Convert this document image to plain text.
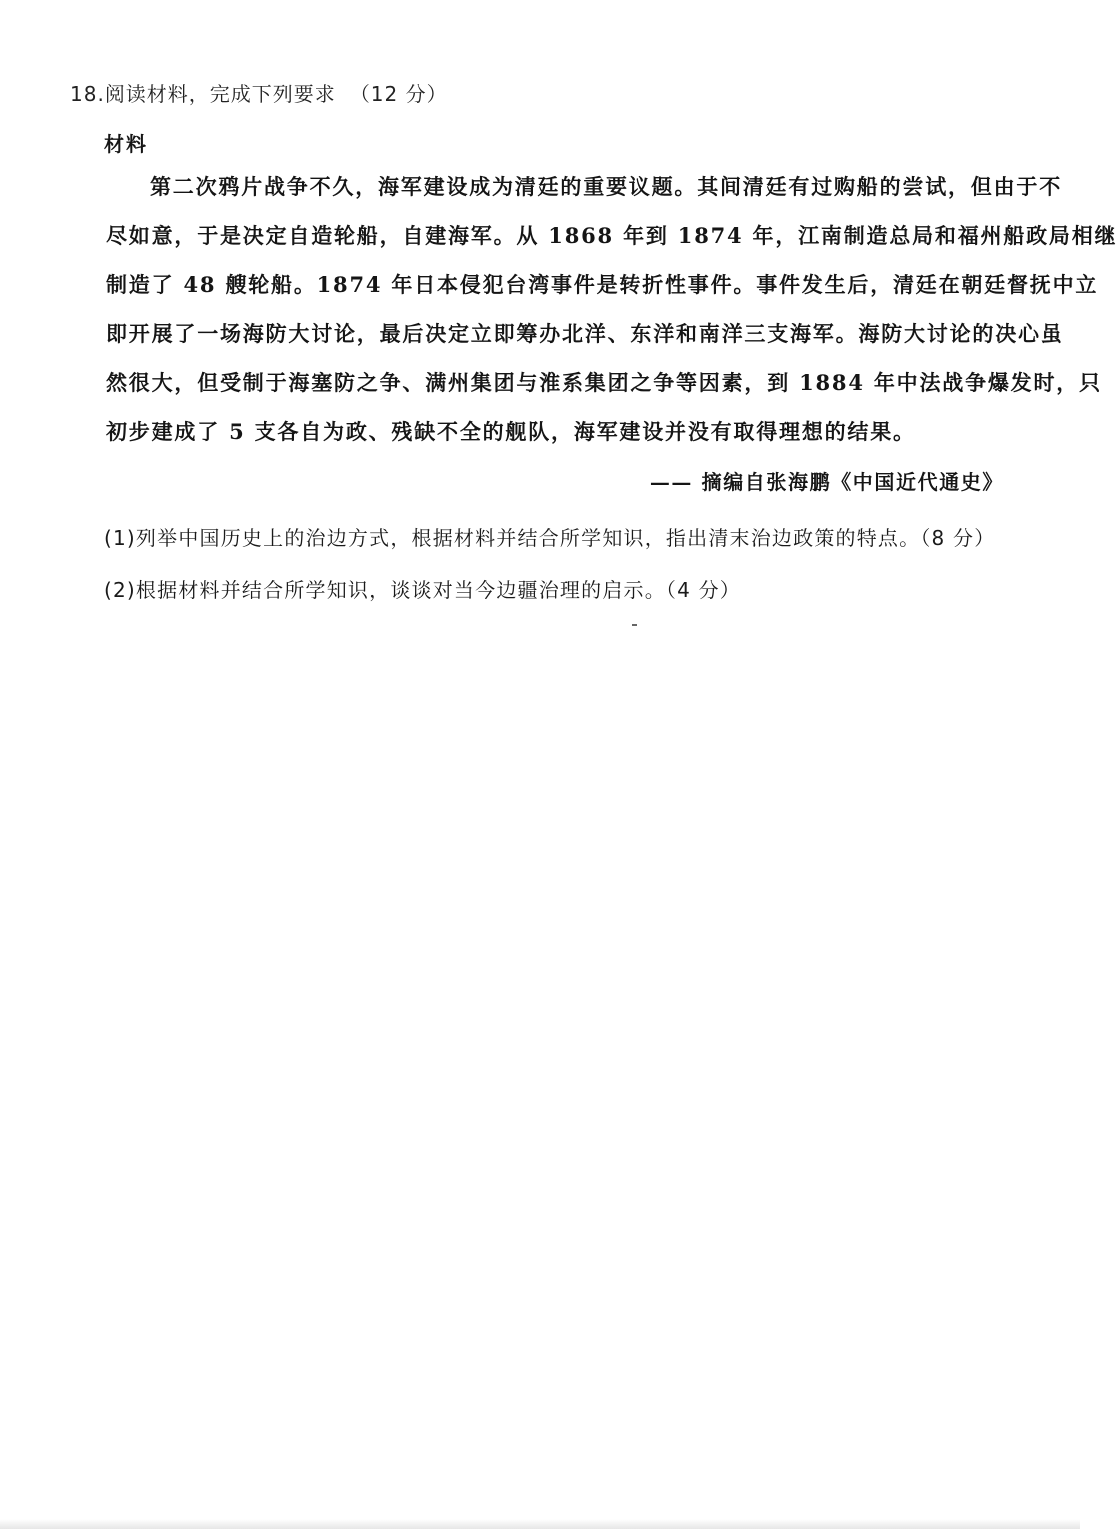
18.阅读材料，完成下列要求 （12 分）
材料
第二次鸦片战争不久，海军建设成为清廷的重要议题。其间清廷有过购船的尝试，但由于不
尽如意，于是决定自造轮船，自建海军。从 1868 年到 1874 年，江南制造总局和福州船政局相继
制造了 48 艘轮船。1874 年日本侵犯台湾事件是转折性事件。事件发生后，清廷在朝廷督抚中立
即开展了一场海防大讨论，最后决定立即筹办北洋、东洋和南洋三支海军。海防大讨论的决心虽
然很大，但受制于海塞防之争、满州集团与淮系集团之争等因素，到 1884 年中法战争爆发时，只
初步建成了 5 支各自为政、残缺不全的舰队，海军建设并没有取得理想的结果。
—— 摘编自张海鹏《中国近代通史》
(1)列举中国历史上的治边方式，根据材料并结合所学知识，指出清末治边政策的特点。（8 分）
(2)根据材料并结合所学知识，谈谈对当今边疆治理的启示。（4 分）
